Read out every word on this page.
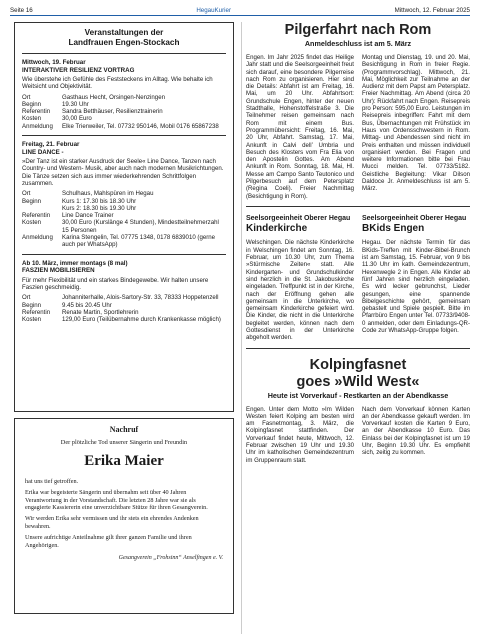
Seite 16	HegauKurier	Mittwoch, 12. Februar 2025
Veranstaltungen der
Landfrauen Engen-Stockach
Mittwoch, 19. Februar
INTERAKTIVER RESILIENZ VORTRAG
Wie überstehe ich Gefühle des Feststeckens im Alltag. Wie behalte ich Weitsicht und Objektivität.
Ort	Gasthaus Hecht, Orsingen-Nenzingen
Beginn	19.30 Uhr
Referentin	Sandra Betthäuser, Resilienztrainerin
Kosten	30,00 Euro
Anmeldung	Elke Trierweiler, Tel. 07732 950146, Mobil 0176 65867238
Freitag, 21. Februar
LINE DANCE -
»Der Tanz ist ein starker Ausdruck der Seele« Line Dance, Tanzen nach Country- und Western- Musik, aber auch nach modernen Musikrichtungen. Die Tänze setzen sich aus immer wiederkehrenden Schrittfolgen zusammen.
Ort	Schulhaus, Mahlspüren im Hegau
Beginn	Kurs 1: 17.30 bis 18.30 Uhr
Kurs 2: 18.30 bis 19.30 Uhr
Referentin	Line Dance Trainer
Kosten	30,00 Euro (Kurslänge 4 Stunden), Mindestteilnehmerzahl 15 Personen
Anmeldung	Karina Stengelin, Tel. 07775 1348, 0178 6839010 (gerne auch per WhatsApp)
Ab 10. März, immer montags (8 mal)
FASZIEN MOBILISIEREN
Für mehr Flexibilität und ein starkes Bindegewebe. Wir halten unsere Faszien geschmeidig.
Ort	Johanniterhalle, Alois-Sartory-Str. 33, 78333 Hoppetenzell
Beginn	9.45 bis 20.45 Uhr
Referentin	Renate Martin, Sportlehrerin
Kosten	129,00 Euro (Teilübernahme durch Krankenkasse möglich)
Nachruf
Der plötzliche Tod unserer Sängerin und Freundin
Erika Maier
hat uns tief getroffen.
Erika war begeisterte Sängerin und übernahm seit über 40 Jahren Verantwortung in der Vorstandschaft. Die letzten 28 Jahre war sie als engagierte Kassiererin eine unverzichtbare Stütze für ihren Gesangverein.
Wir werden Erika sehr vermissen und ihr stets ein ehrendes Andenken bewahren.
Unsere aufrichtige Anteilnahme gilt ihrer ganzen Familie und ihren Angehörigen.
Gesangverein „Frohsinn“ Anselfingen e. V.
Pilgerfahrt nach Rom
Anmeldeschluss ist am 5. März
Engen. Im Jahr 2025 findet das Heilige Jahr statt und die Seelsorgeeinheit freut sich darauf, eine besondere Pilgerreise nach Rom zu organisieren. Hier sind die Details: Abfahrt ist am Freitag, 16. Mai, um 20 Uhr. Abfahrtsort: Grundschule Engen, hinter der neuen Stadthalle, Hohenstoffelstraße 3. Die Teilnehmer reisen gemeinsam nach Rom mit einem Bus. Programmübersicht: Freitag, 16. Mai, 20 Uhr, Abfahrt. Samstag, 17. Mai, Ankunft in Calvi dell’ Umbria und Besuch des Klosters vom Fra Elia von den Apostelin Gottes. Am Abend Ankunft in Rom. Sonntag, 18. Mai, Hl. Messe am Campo Santo Teutonico und Pilgerbesuch auf dem Petersplatz (Regina Coeli). Freier Nachmittag (Besichtigung in Rom).
Montag und Dienstag, 19. und 20. Mai, Besichtigung in Rom in freier Regie. (Programmvorschlag). Mittwoch, 21. Mai, Möglichkeit zur Teilnahme an der Audienz mit dem Papst am Petersplatz. Freier Nachmittag. Am Abend (circa 20 Uhr): Rückfahrt nach Engen. Reisepreis pro Person: 595,00 Euro. Leistungen im Reisepreis inbegriffen: Fahrt mit dem Bus, Übernachtungen mit Frühstück im Haus von Ordensschwestern in Rom. Mittag- und Abendessen sind nicht im Preis enthalten und müssen individuell organisiert werden. Bei Fragen und weitere Informationen bitte bei Frau Mucci melden. Tel. 07733/5182. Geistliche Begleitung: Vikar Dilson Daldoce Jr. Anmeldeschluss ist am 5. März.
Seelsorgeeinheit Oberer Hegau
Kinderkirche
Welschingen. Die nächste Kinderkirche in Welschingen findet am Sonntag, 16. Februar, um 10.30 Uhr, zum Thema »Stürmische Zeiten« statt. Alle Kindergarten- und Grundschulkinder sind herzlich in die St. Jakobuskirche eingeladen. Treffpunkt ist in der Kirche, nach der Eröffnung gehen alle gemeinsam in die Unterkirche, wo gemeinsam Kinderkirche gefeiert wird. Die Kinder, die nicht in die Unterkirche begleitet werden, können nach dem Gottesdienst in der Unterkirche abgeholt werden.
Seelsorgeeinheit Oberer Hegau
BKids Engen
Hegau. Der nächste Termin für das BKids-Treffen mit Kinder-Bibel-Brunch ist am Samstag, 15. Februar, von 9 bis 11.30 Uhr im kath. Gemeindezentrum, Hexenwegle 2 in Engen. Alle Kinder ab fünf Jahren sind herzlich eingeladen. Es wird lecker gebrunchst, Lieder gesungen, eine spannende Bibelgeschichte gehört, gemeinsam gebastelt und Spiele gespielt. Bitte im Pfarrbüro Engen unter Tel. 07733/9408-0 anmelden, oder dem Einladungs-QR-Code zur WhatsApp-Gruppe folgen.
Kolpingfasnet
goes »Wild West«
Heute ist Vorverkauf - Restkarten an der Abendkasse
Engen. Unter dem Motto »Im Wilden Westen feiert Kolping am besten wird am Fasnetmontag, 3. März, die Kolpingfasnet stattfinden. Der Vorverkauf findet heute, Mittwoch, 12. Februar zwischen 19 Uhr und 19.30 Uhr im katholischen Gemeindezentrum im Gruppenraum statt.
Nach dem Vorverkauf können Karten an der Abendkasse gekauft werden. Im Vorverkauf kosten die Karten 9 Euro, an der Abendkasse 10 Euro. Das Einlass bei der Kolpingfasnet ist um 19 Uhr, Beginn 19.30 Uhr. Es empfiehlt sich, zeitig zu kommen.
